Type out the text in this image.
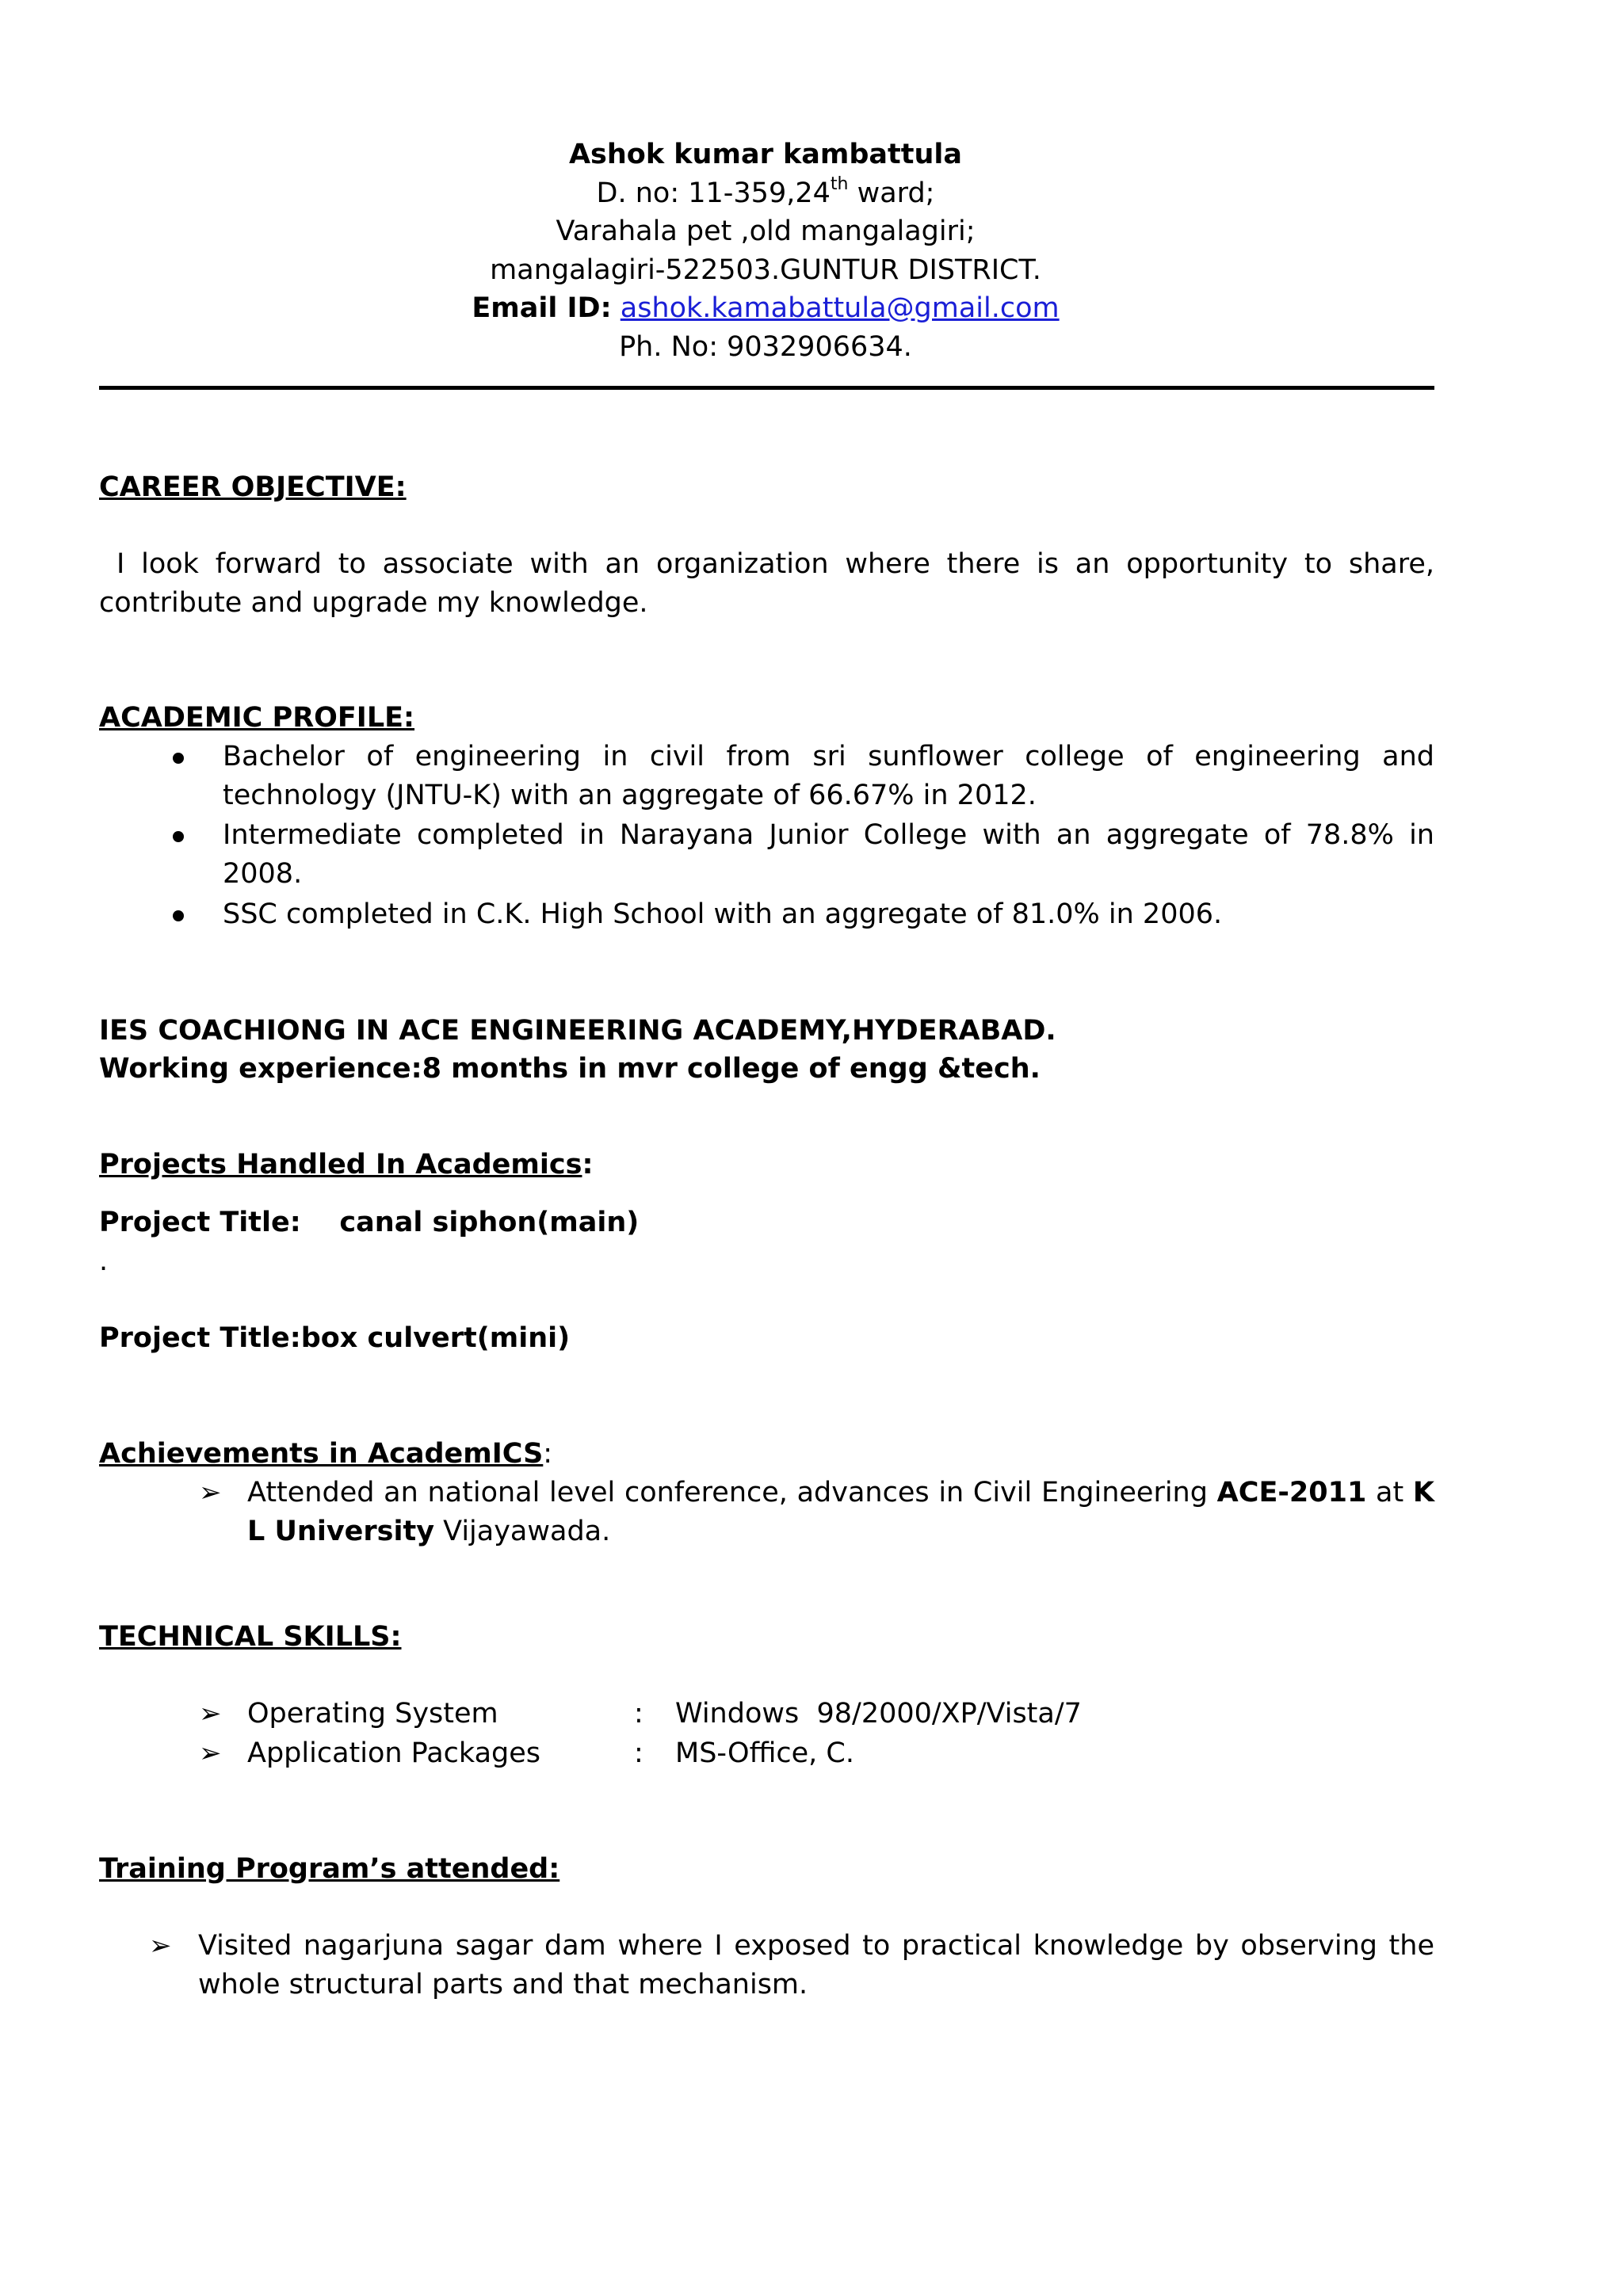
Ashok kumar kambattula
D. no: 11-359,24th ward;
Varahala pet ,old mangalagiri;
mangalagiri-522503.GUNTUR DISTRICT.
Email ID: ashok.kamabattula@gmail.com
Ph. No: 9032906634.
CAREER OBJECTIVE:
I look forward to associate with an organization where there is an opportunity to share, contribute and upgrade my knowledge.
ACADEMIC PROFILE:
Bachelor of engineering in civil from sri sunflower college of engineering and technology (JNTU-K) with an aggregate of 66.67% in 2012.
Intermediate completed in Narayana Junior College with an aggregate of 78.8% in 2008.
SSC completed in C.K. High School with an aggregate of 81.0% in 2006.
IES COACHIONG IN ACE ENGINEERING ACADEMY,HYDERABAD.
Working experience:8 months in mvr college of engg &tech.
Projects Handled In Academics:
Project Title:    canal siphon(main)
.
Project Title:box culvert(mini)
Achievements in AcademICS:
➢ Attended an national level conference, advances in Civil Engineering ACE-2011 at K L University Vijayawada.
TECHNICAL SKILLS:
➢ Operating System	: Windows  98/2000/XP/Vista/7
➢ Application Packages	: MS-Office, C.
Training Program’s attended:
➢ Visited nagarjuna sagar dam where I exposed to practical knowledge by observing the whole structural parts and that mechanism.
